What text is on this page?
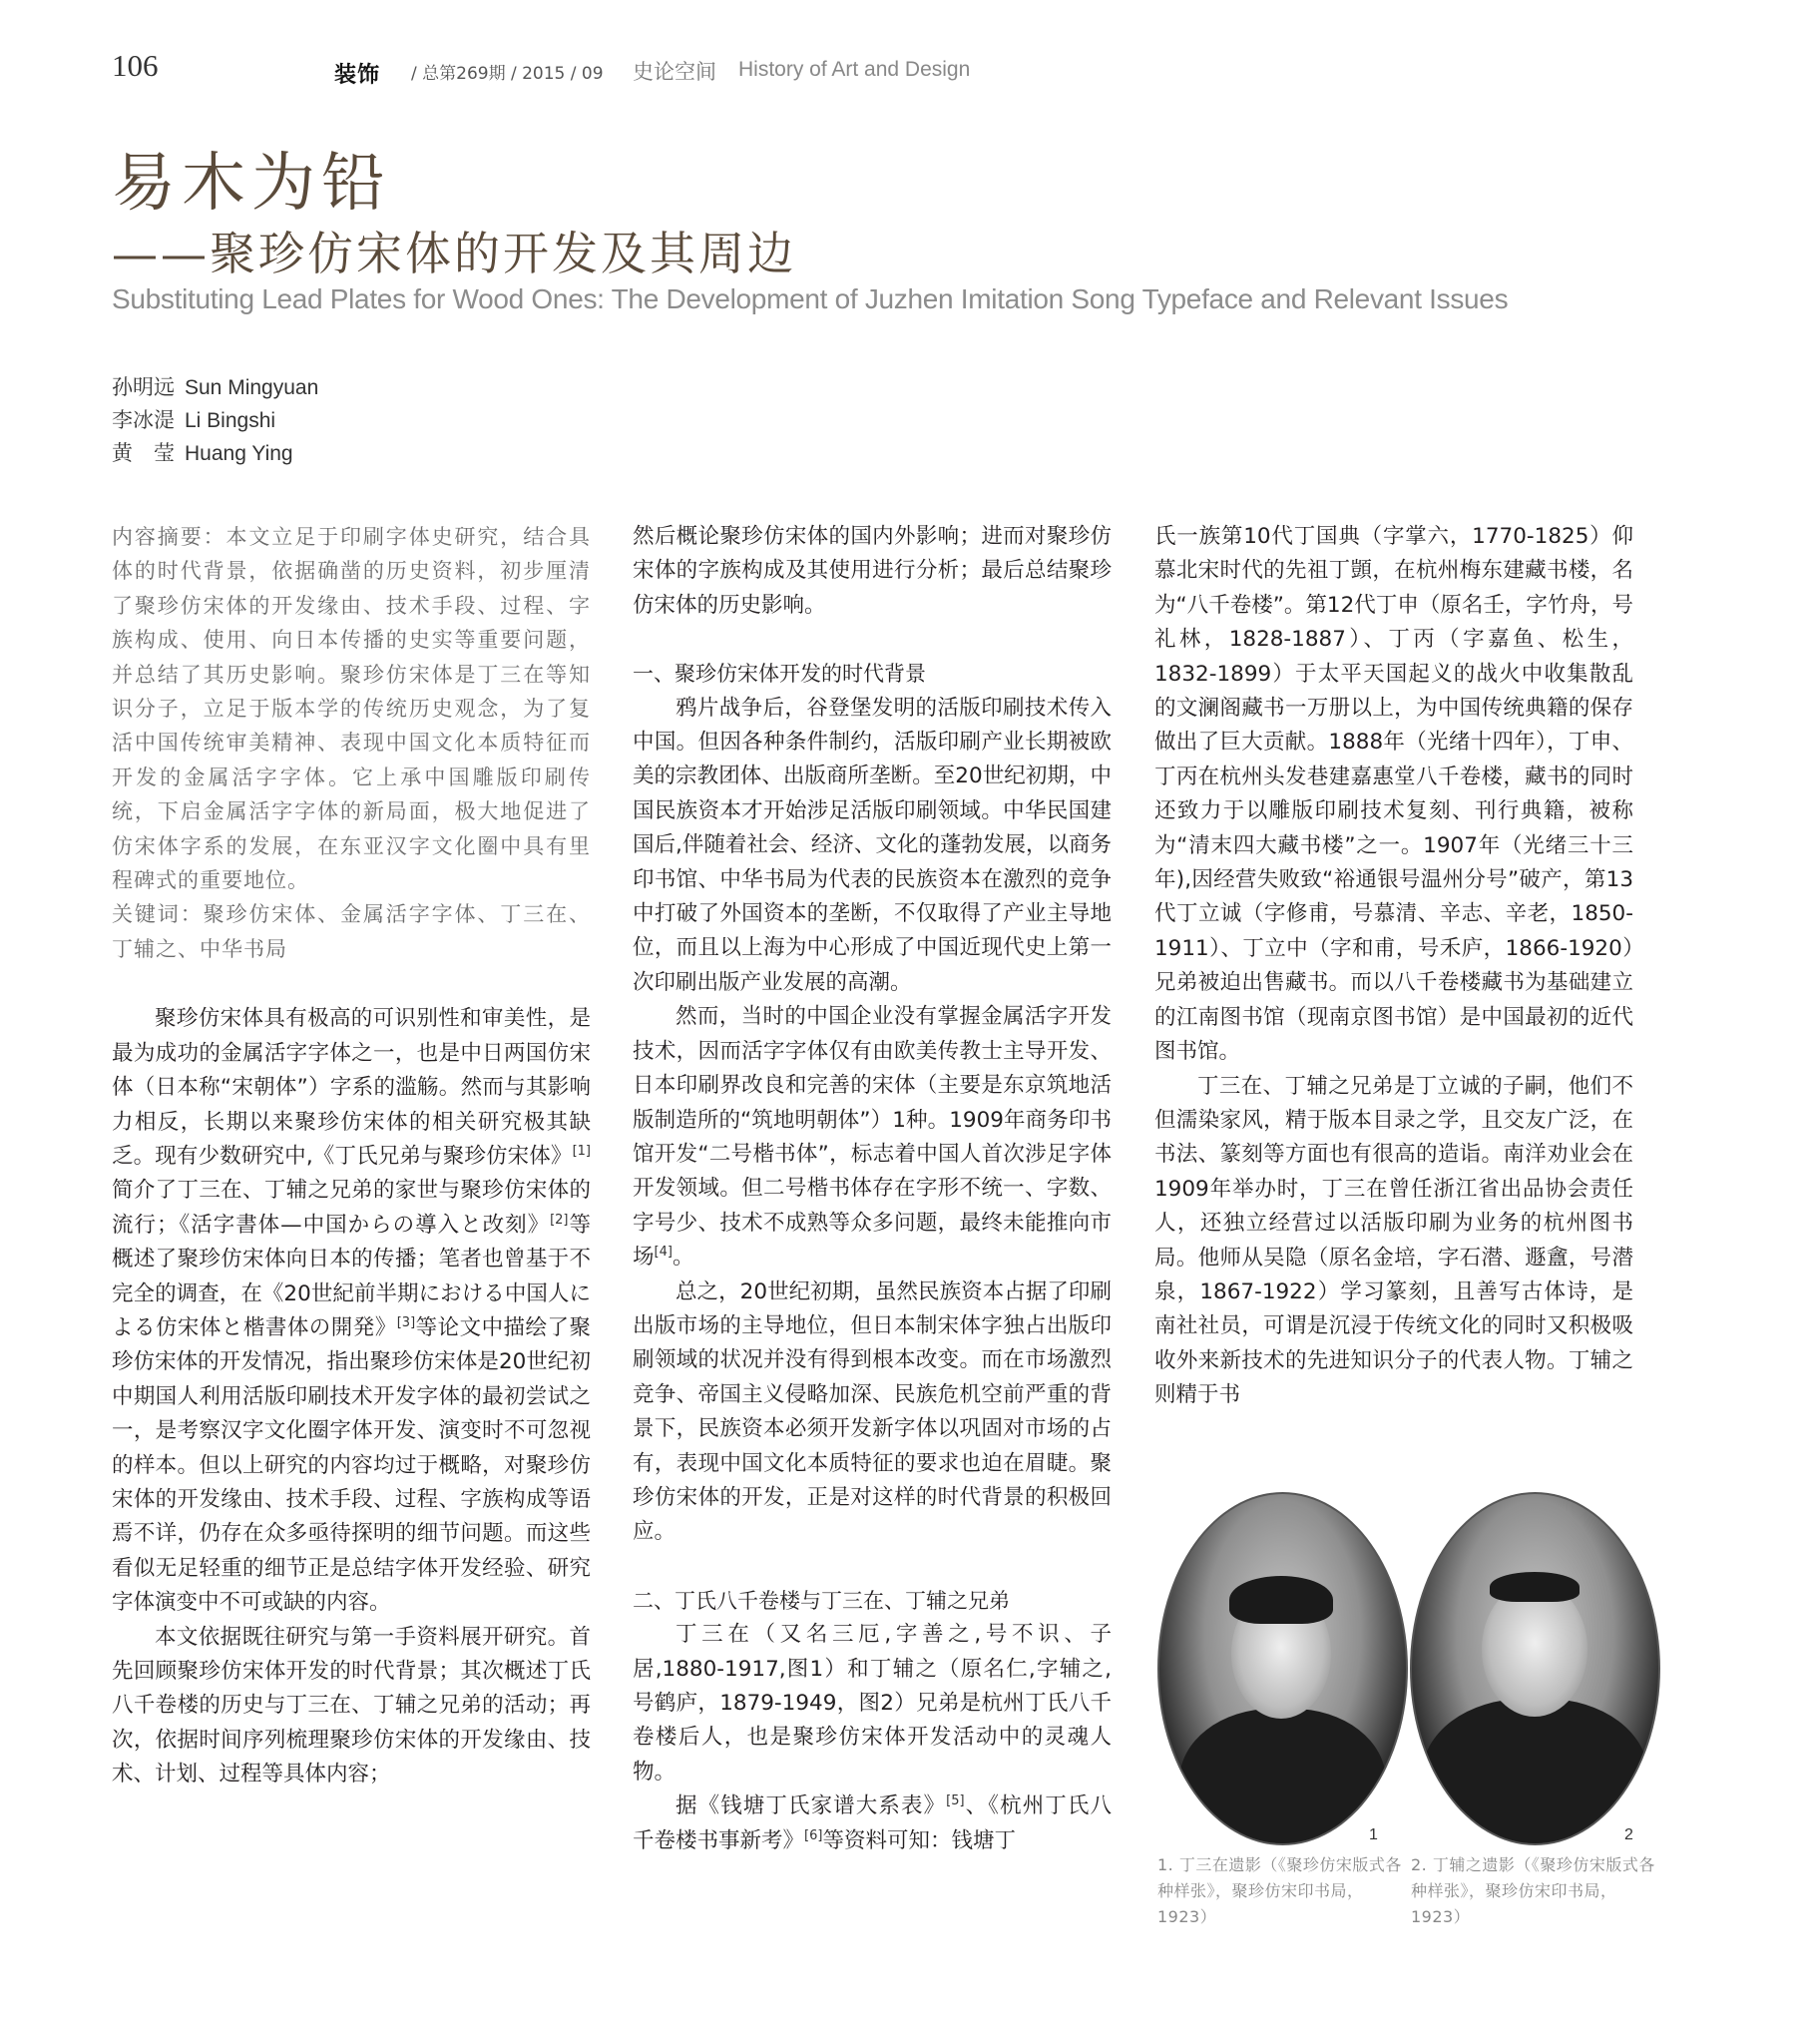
106	装饰 / 总第269期 / 2015 / 09 史论空间 History of Art and Design
易木为铅
——聚珍仿宋体的开发及其周边
Substituting Lead Plates for Wood Ones: The Development of Juzhen Imitation Song Typeface and Relevant Issues
孙明远 Sun Mingyuan
李冰湜 Li Bingshi
黄　莹 Huang Ying

内容摘要：本文立足于印刷字体史研究，结合具体的时代背景，依据确凿的历史资料，初步厘清了聚珍仿宋体的开发缘由、技术手段、过程、字族构成、使用、向日本传播的史实等重要问题，并总结了其历史影响。聚珍仿宋体是丁三在等知识分子，立足于版本学的传统历史观念，为了复活中国传统审美精神、表现中国文化本质特征而开发的金属活字字体。它上承中国雕版印刷传统，下启金属活字字体的新局面，极大地促进了仿宋体字系的发展，在东亚汉字文化圈中具有里程碑式的重要地位。

关键词：聚珍仿宋体、金属活字字体、丁三在、丁辅之、中华书局

聚珍仿宋体具有极高的可识别性和审美性，是最为成功的金属活字字体之一，也是中日两国仿宋体（日本称“宋朝体”）字系的滥觞。然而与其影响力相反，长期以来聚珍仿宋体的相关研究极其缺乏。现有少数研究中,《丁氏兄弟与聚珍仿宋体》[1]简介了丁三在、丁辅之兄弟的家世与聚珍仿宋体的流行；《活字書体—中国からの導入と改刻》[2]等概述了聚珍仿宋体向日本的传播；笔者也曾基于不完全的调查，在《20世紀前半期における中国人による仿宋体と楷書体の開発》[3]等论文中描绘了聚珍仿宋体的开发情况，指出聚珍仿宋体是20世纪初中期国人利用活版印刷技术开发字体的最初尝试之一，是考察汉字文化圈字体开发、演变时不可忽视的样本。但以上研究的内容均过于概略，对聚珍仿宋体的开发缘由、技术手段、过程、字族构成等语焉不详，仍存在众多亟待探明的细节问题。而这些看似无足轻重的细节正是总结字体开发经验、研究字体演变中不可或缺的内容。

本文依据既往研究与第一手资料展开研究。首先回顾聚珍仿宋体开发的时代背景；其次概述丁氏八千卷楼的历史与丁三在、丁辅之兄弟的活动；再次，依据时间序列梳理聚珍仿宋体的开发缘由、技术、计划、过程等具体内容；

然后概论聚珍仿宋体的国内外影响；进而对聚珍仿宋体的字族构成及其使用进行分析；最后总结聚珍仿宋体的历史影响。

一、聚珍仿宋体开发的时代背景

鸦片战争后，谷登堡发明的活版印刷技术传入中国。但因各种条件制约，活版印刷产业长期被欧美的宗教团体、出版商所垄断。至20世纪初期，中国民族资本才开始涉足活版印刷领域。中华民国建国后,伴随着社会、经济、文化的蓬勃发展，以商务印书馆、中华书局为代表的民族资本在激烈的竞争中打破了外国资本的垄断，不仅取得了产业主导地位，而且以上海为中心形成了中国近现代史上第一次印刷出版产业发展的高潮。

然而，当时的中国企业没有掌握金属活字开发技术，因而活字字体仅有由欧美传教士主导开发、日本印刷界改良和完善的宋体（主要是东京筑地活版制造所的“筑地明朝体”）1种。1909年商务印书馆开发“二号楷书体”，标志着中国人首次涉足字体开发领域。但二号楷书体存在字形不统一、字数、字号少、技术不成熟等众多问题，最终未能推向市场[4]。

总之，20世纪初期，虽然民族资本占据了印刷出版市场的主导地位，但日本制宋体字独占出版印刷领域的状况并没有得到根本改变。而在市场激烈竞争、帝国主义侵略加深、民族危机空前严重的背景下，民族资本必须开发新字体以巩固对市场的占有，表现中国文化本质特征的要求也迫在眉睫。聚珍仿宋体的开发，正是对这样的时代背景的积极回应。

二、丁氏八千卷楼与丁三在、丁辅之兄弟

丁三在（又名三厄,字善之,号不识、子居,1880-1917,图1）和丁辅之（原名仁,字辅之,号鹤庐，1879-1949，图2）兄弟是杭州丁氏八千卷楼后人，也是聚珍仿宋体开发活动中的灵魂人物。

据《钱塘丁氏家谱大系表》[5]、《杭州丁氏八千卷楼书事新考》[6]等资料可知：钱塘丁

氏一族第10代丁国典（字掌六，1770-1825）仰慕北宋时代的先祖丁顗，在杭州梅东建藏书楼，名为“八千卷楼”。第12代丁申（原名壬，字竹舟，号礼林，1828-1887）、丁丙（字嘉鱼、松生，1832-1899）于太平天国起义的战火中收集散乱的文澜阁藏书一万册以上，为中国传统典籍的保存做出了巨大贡献。1888年（光绪十四年），丁申、丁丙在杭州头发巷建嘉惠堂八千卷楼，藏书的同时还致力于以雕版印刷技术复刻、刊行典籍，被称为“清末四大藏书楼”之一。1907年（光绪三十三年),因经营失败致“裕通银号温州分号”破产，第13代丁立诚（字修甫，号慕清、辛志、辛老，1850-1911）、丁立中（字和甫，号禾庐，1866-1920）兄弟被迫出售藏书。而以八千卷楼藏书为基础建立的江南图书馆（现南京图书馆）是中国最初的近代图书馆。

丁三在、丁辅之兄弟是丁立诚的子嗣，他们不但濡染家风，精于版本目录之学，且交友广泛，在书法、篆刻等方面也有很高的造诣。南洋劝业会在1909年举办时，丁三在曾任浙江省出品协会责任人，还独立经营过以活版印刷为业务的杭州图书局。他师从吴隐（原名金培，字石潜、遯盦，号潜泉，1867-1922）学习篆刻，且善写古体诗，是南社社员，可谓是沉浸于传统文化的同时又积极吸收外来新技术的先进知识分子的代表人物。丁辅之则精于书

1	2
1. 丁三在遗影（《聚珍仿宋版式各种样张》，聚珍仿宋印书局，1923）
2. 丁辅之遗影（《聚珍仿宋版式各种样张》，聚珍仿宋印书局，1923）
